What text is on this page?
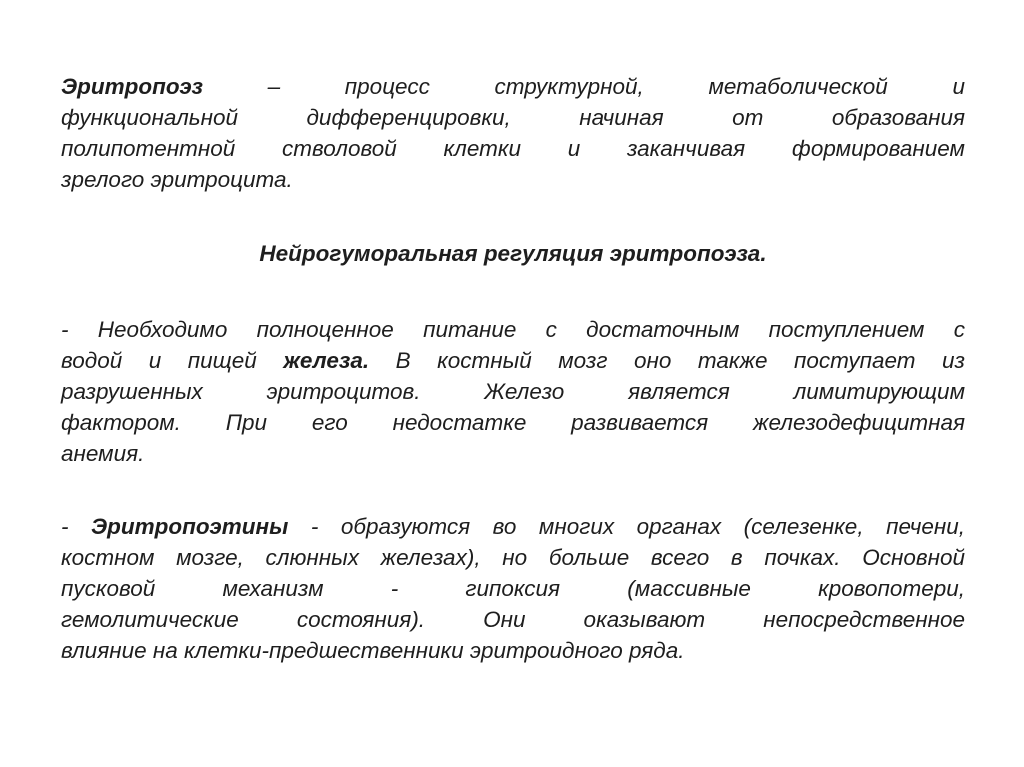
Эритропоэз – процесс структурной, метаболической и
функциональной дифференцировки, начиная от образования
полипотентной стволовой клетки и заканчивая формированием
зрелого эритроцита.
Нейрогуморальная регуляция эритропоэза.
- Необходимо полноценное питание с достаточным поступлением с
водой и пищей железа. В костный мозг оно также поступает из
разрушенных эритроцитов. Железо является лимитирующим
фактором. При его недостатке развивается железодефицитная
анемия.
- Эритропоэтины - образуются во многих органах (селезенке, печени,
костном мозге, слюнных железах), но больше всего в почках. Основной
пусковой механизм - гипоксия (массивные кровопотери,
гемолитические состояния). Они оказывают непосредственное
влияние на клетки-предшественники эритроидного ряда.
